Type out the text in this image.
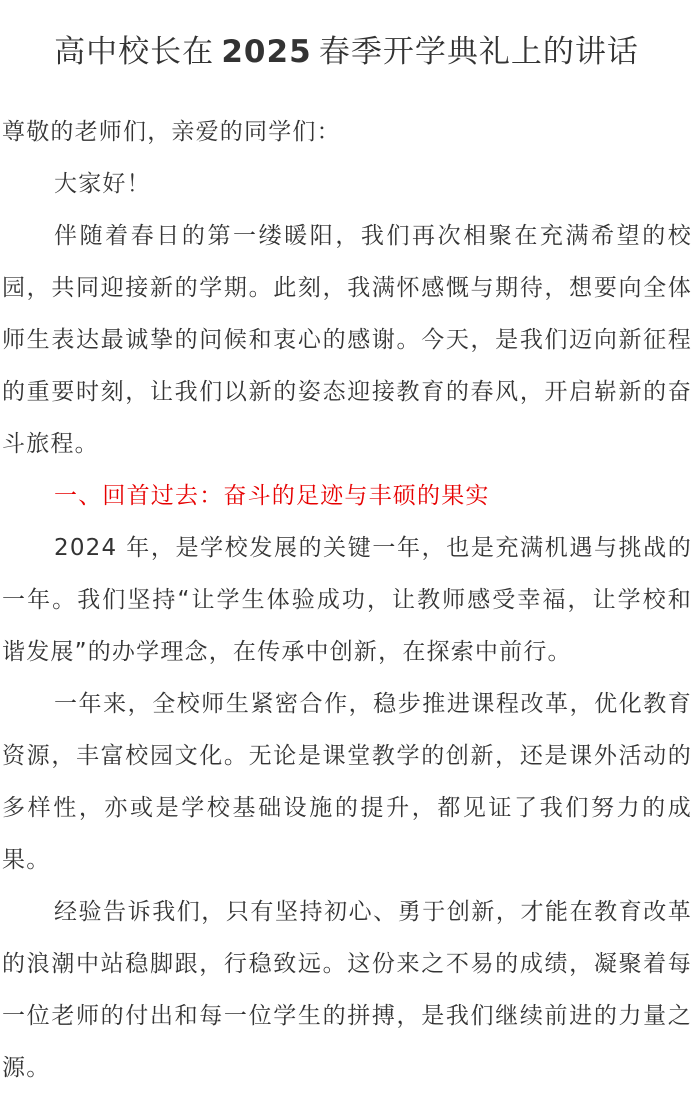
高中校长在  2025  春季开学典礼上的讲话

尊敬的老师们，亲爱的同学们：

大家好！

伴随着春日的第一缕暖阳，我们再次相聚在充满希望的校园，共同迎接新的学期。此刻，我满怀感慨与期待，想要向全体师生表达最诚挚的问候和衷心的感谢。今天，是我们迈向新征程的重要时刻，让我们以新的姿态迎接教育的春风，开启崭新的奋斗旅程。

一、回首过去：奋斗的足迹与丰硕的果实

2024 年，是学校发展的关键一年，也是充满机遇与挑战的一年。我们坚持“让学生体验成功，让教师感受幸福，让学校和谐发展”的办学理念，在传承中创新，在探索中前行。

一年来，全校师生紧密合作，稳步推进课程改革，优化教育资源，丰富校园文化。无论是课堂教学的创新，还是课外活动的多样性，亦或是学校基础设施的提升，都见证了我们努力的成果。

经验告诉我们，只有坚持初心、勇于创新，才能在教育改革的浪潮中站稳脚跟，行稳致远。这份来之不易的成绩，凝聚着每一位老师的付出和每一位学生的拼搏，是我们继续前进的力量之源。
